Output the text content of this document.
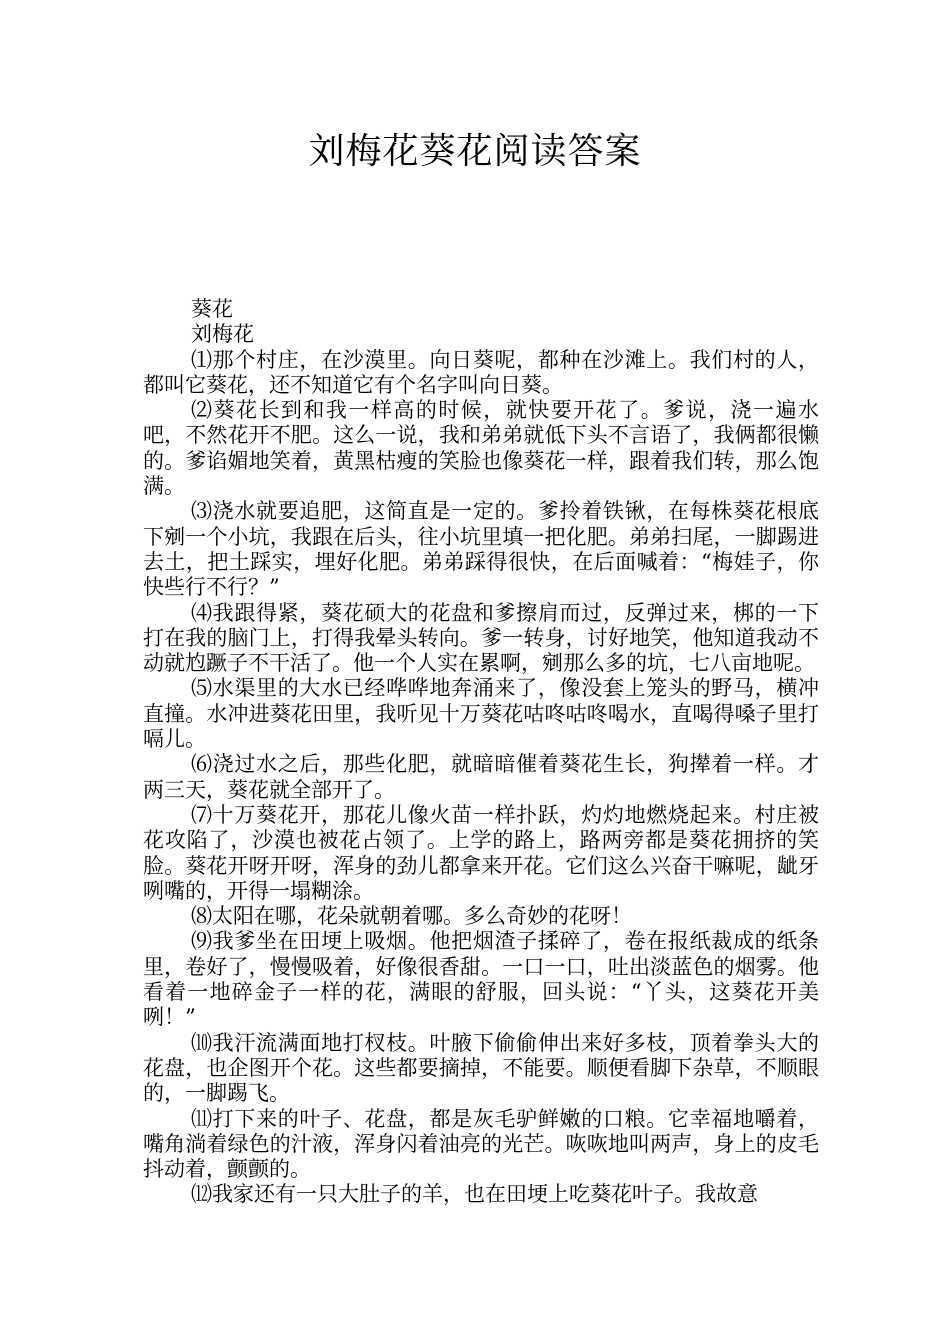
刘梅花葵花阅读答案

葵花

刘梅花

⑴那个村庄，在沙漠里。向日葵呢，都种在沙滩上。我们村的人，都叫它葵花，还不知道它有个名字叫向日葵。

⑵葵花长到和我一样高的时候，就快要开花了。爹说，浇一遍水吧，不然花开不肥。这么一说，我和弟弟就低下头不言语了，我俩都很懒的。爹谄媚地笑着，黄黑枯瘦的笑脸也像葵花一样，跟着我们转，那么饱满。

⑶浇水就要追肥，这简直是一定的。爹拎着铁锹，在每株葵花根底下剜一个小坑，我跟在后头，往小坑里填一把化肥。弟弟扫尾，一脚踢进去土，把土踩实，埋好化肥。弟弟踩得很快，在后面喊着：“梅娃子，你快些行不行？”

⑷我跟得紧，葵花硕大的花盘和爹擦肩而过，反弹过来，梆的一下打在我的脑门上，打得我晕头转向。爹一转身，讨好地笑，他知道我动不动就尥蹶子不干活了。他一个人实在累啊，剜那么多的坑，七八亩地呢。

⑸水渠里的大水已经哗哗地奔涌来了，像没套上笼头的野马，横冲直撞。水冲进葵花田里，我听见十万葵花咕咚咕咚喝水，直喝得嗓子里打嗝儿。

⑹浇过水之后，那些化肥，就暗暗催着葵花生长，狗撵着一样。才两三天，葵花就全部开了。

⑺十万葵花开，那花儿像火苗一样扑跃，灼灼地燃烧起来。村庄被花攻陷了，沙漠也被花占领了。上学的路上，路两旁都是葵花拥挤的笑脸。葵花开呀开呀，浑身的劲儿都拿来开花。它们这么兴奋干嘛呢，龇牙咧嘴的，开得一塌糊涂。

⑻太阳在哪，花朵就朝着哪。多么奇妙的花呀！

⑼我爹坐在田埂上吸烟。他把烟渣子揉碎了，卷在报纸裁成的纸条里，卷好了，慢慢吸着，好像很香甜。一口一口，吐出淡蓝色的烟雾。他看着一地碎金子一样的花，满眼的舒服，回头说：“丫头，这葵花开美咧！”

⑽我汗流满面地打杈枝。叶腋下偷偷伸出来好多枝，顶着拳头大的花盘，也企图开个花。这些都要摘掉，不能要。顺便看脚下杂草，不顺眼的，一脚踢飞。

⑾打下来的叶子、花盘，都是灰毛驴鲜嫩的口粮。它幸福地嚼着，嘴角淌着绿色的汁液，浑身闪着油亮的光芒。咴咴地叫两声，身上的皮毛抖动着，颤颤的。

⑿我家还有一只大肚子的羊，也在田埂上吃葵花叶子。我故意
